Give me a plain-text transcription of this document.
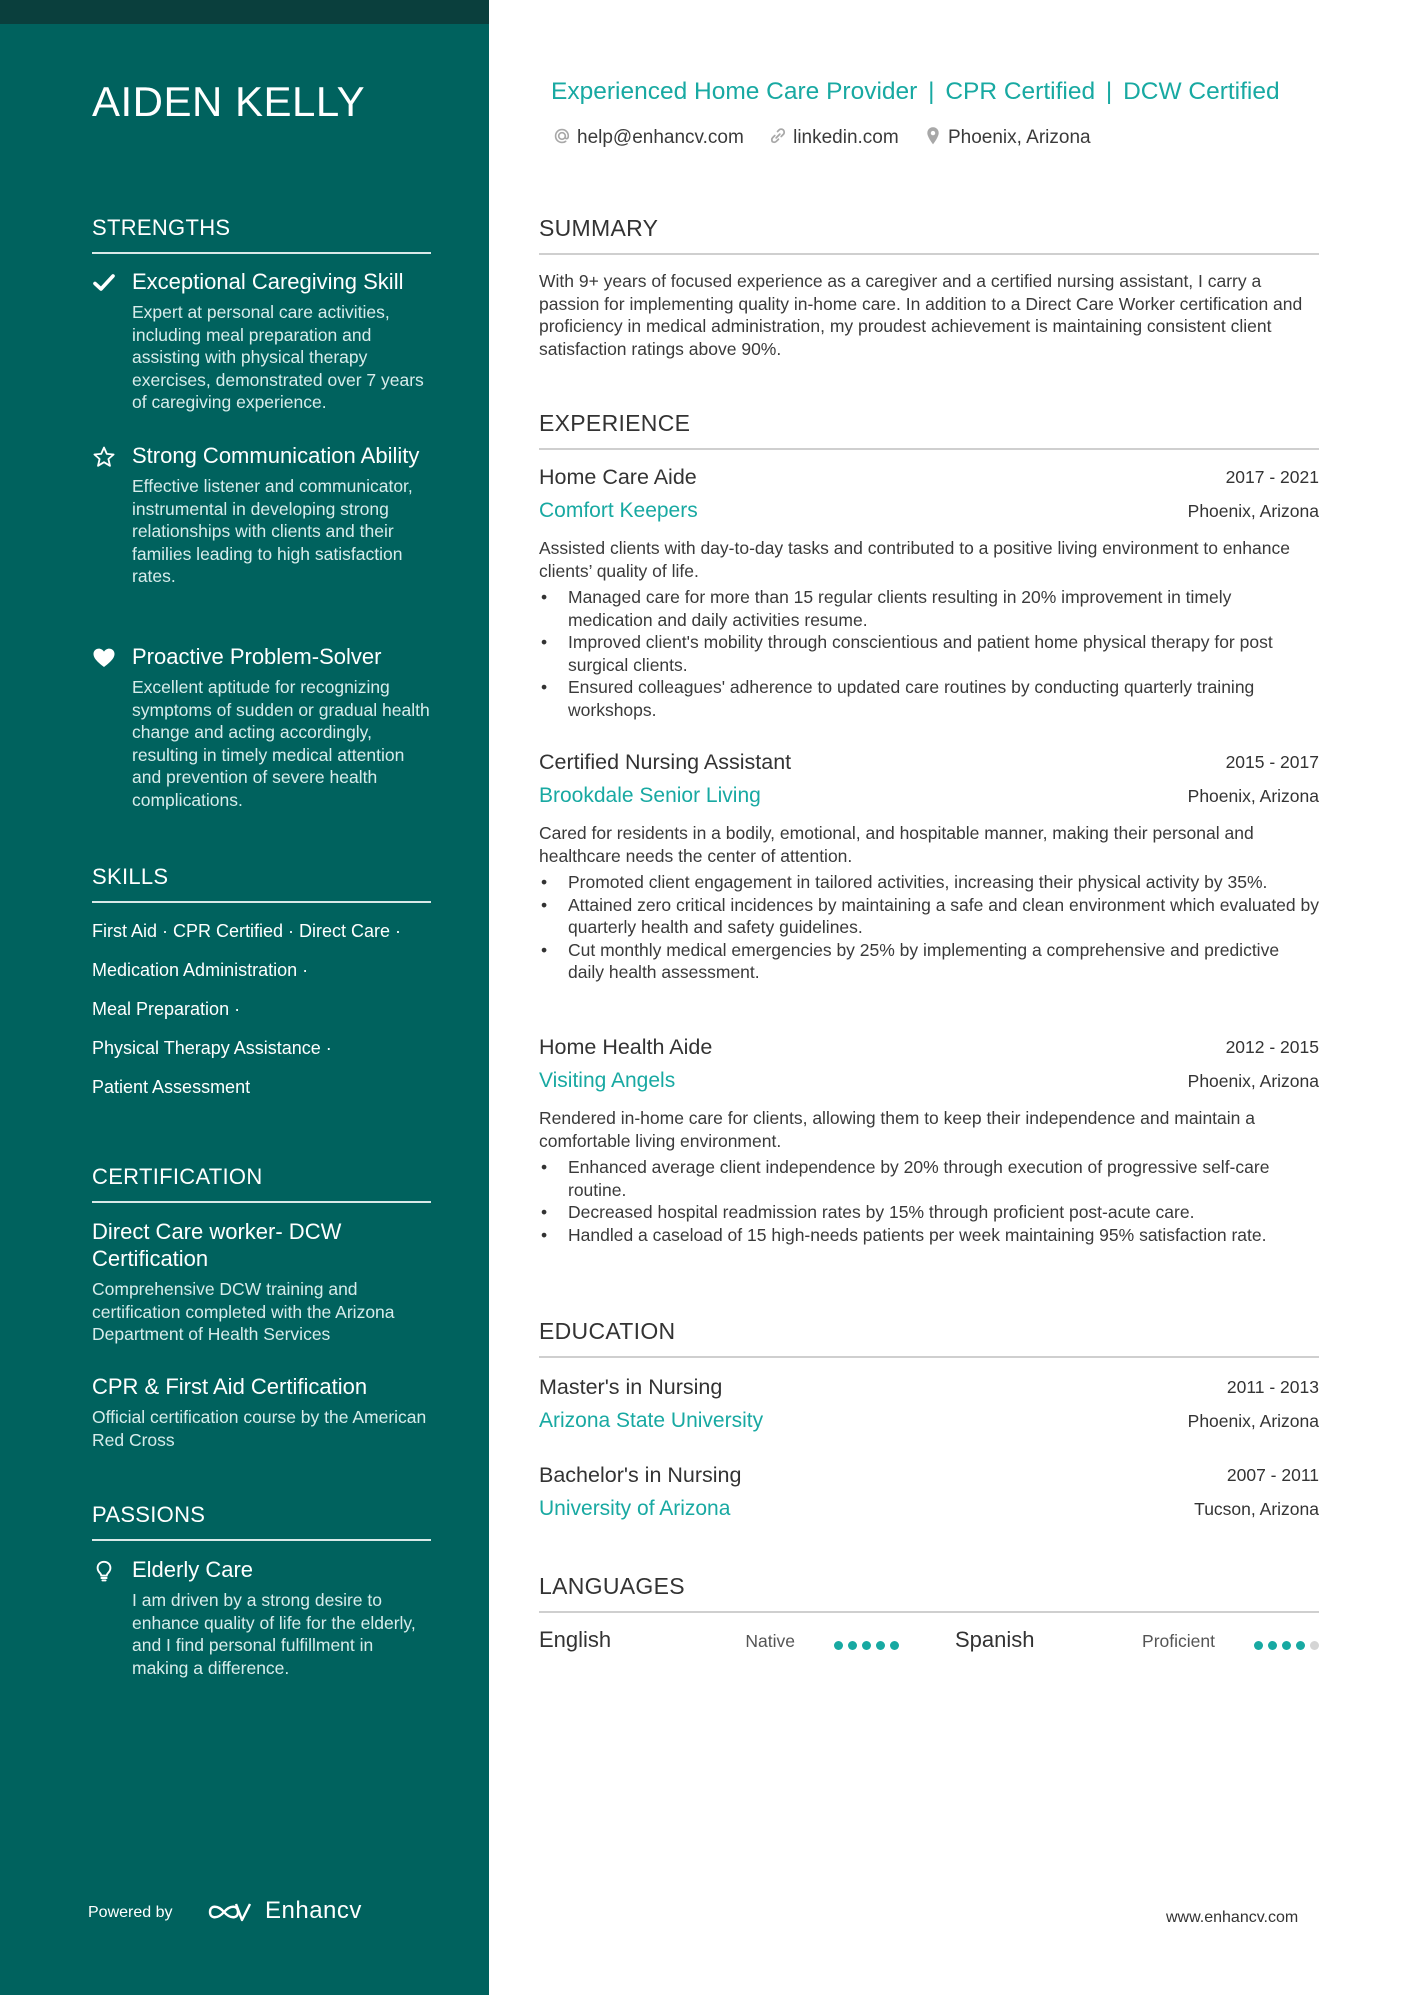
AIDEN KELLY
STRENGTHS
Exceptional Caregiving Skill
Expert at personal care activities, including meal preparation and assisting with physical therapy exercises, demonstrated over 7 years of caregiving experience.
Strong Communication Ability
Effective listener and communicator, instrumental in developing strong relationships with clients and their families leading to high satisfaction rates.
Proactive Problem-Solver
Excellent aptitude for recognizing symptoms of sudden or gradual health change and acting accordingly, resulting in timely medical attention and prevention of severe health complications.
SKILLS
First Aid · CPR Certified · Direct Care ·
Medication Administration ·
Meal Preparation ·
Physical Therapy Assistance ·
Patient Assessment
CERTIFICATION
Direct Care worker- DCW Certification
Comprehensive DCW training and certification completed with the Arizona Department of Health Services
CPR & First Aid Certification
Official certification course by the American Red Cross
PASSIONS
Elderly Care
I am driven by a strong desire to enhance quality of life for the elderly, and I find personal fulfillment in making a difference.
Powered by	Enhancv
Experienced Home Care Provider | CPR Certified | DCW Certified
help@enhancv.com	linkedin.com	Phoenix, Arizona
SUMMARY
With 9+ years of focused experience as a caregiver and a certified nursing assistant, I carry a passion for implementing quality in-home care. In addition to a Direct Care Worker certification and proficiency in medical administration, my proudest achievement is maintaining consistent client satisfaction ratings above 90%.
EXPERIENCE
Home Care Aide	2017 - 2021
Comfort Keepers	Phoenix, Arizona
Assisted clients with day-to-day tasks and contributed to a positive living environment to enhance clients’ quality of life.
• Managed care for more than 15 regular clients resulting in 20% improvement in timely medication and daily activities resume.
• Improved client's mobility through conscientious and patient home physical therapy for post surgical clients.
• Ensured colleagues' adherence to updated care routines by conducting quarterly training workshops.
Certified Nursing Assistant	2015 - 2017
Brookdale Senior Living	Phoenix, Arizona
Cared for residents in a bodily, emotional, and hospitable manner, making their personal and healthcare needs the center of attention.
• Promoted client engagement in tailored activities, increasing their physical activity by 35%.
• Attained zero critical incidences by maintaining a safe and clean environment which evaluated by quarterly health and safety guidelines.
• Cut monthly medical emergencies by 25% by implementing a comprehensive and predictive daily health assessment.
Home Health Aide	2012 - 2015
Visiting Angels	Phoenix, Arizona
Rendered in-home care for clients, allowing them to keep their independence and maintain a comfortable living environment.
• Enhanced average client independence by 20% through execution of progressive self-care routine.
• Decreased hospital readmission rates by 15% through proficient post-acute care.
• Handled a caseload of 15 high-needs patients per week maintaining 95% satisfaction rate.
EDUCATION
Master's in Nursing	2011 - 2013
Arizona State University	Phoenix, Arizona
Bachelor's in Nursing	2007 - 2011
University of Arizona	Tucson, Arizona
LANGUAGES
English	Native	Spanish	Proficient
www.enhancv.com
